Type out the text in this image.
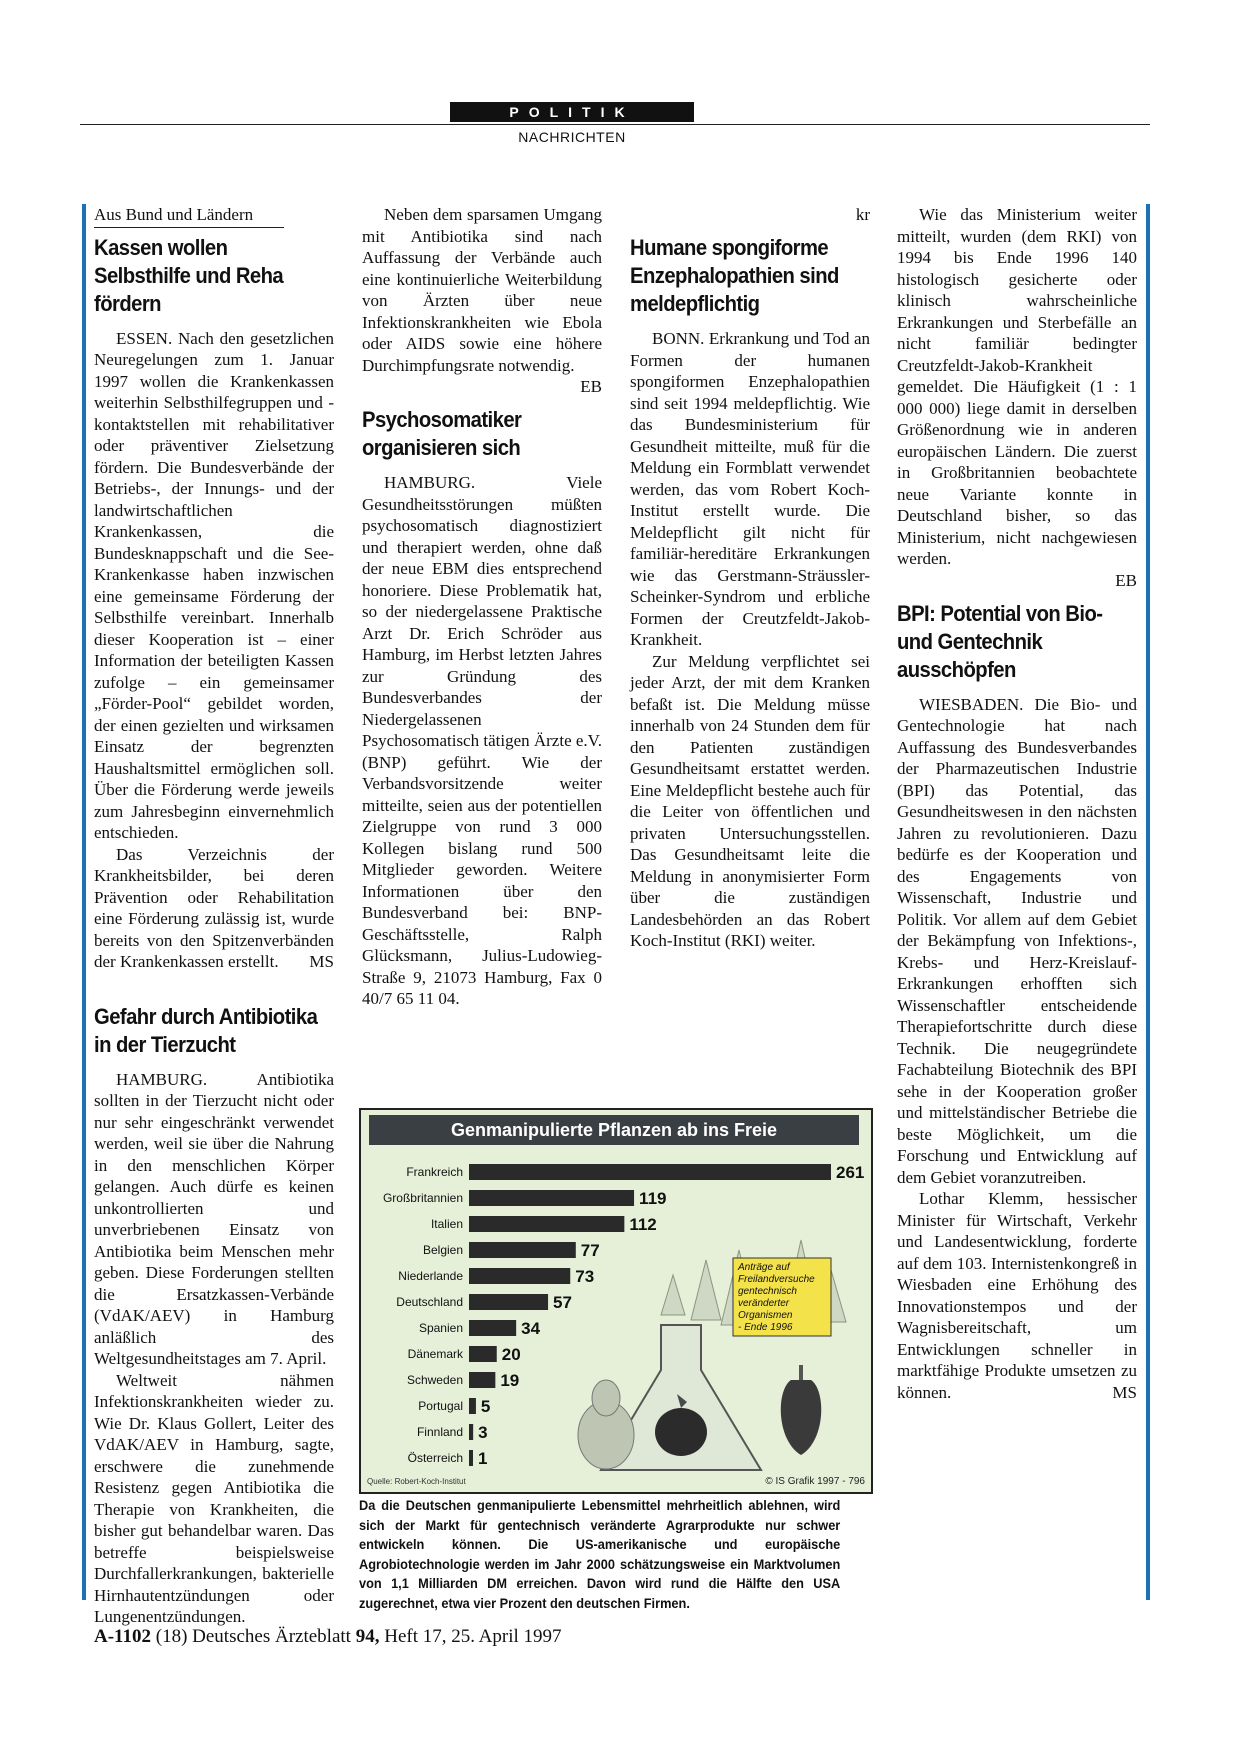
POLITIK
NACHRICHTEN
Aus Bund und Ländern
Kassen wollen Selbsthilfe und Reha fördern

ESSEN. Nach den gesetzlichen Neuregelungen zum 1. Januar 1997 wollen die Krankenkassen weiterhin Selbsthilfegruppen und -kontaktstellen mit rehabilitativer oder präventiver Zielsetzung fördern. Die Bundesverbände der Betriebs-, der Innungs- und der landwirtschaftlichen Krankenkassen, die Bundesknappschaft und die See-Krankenkasse haben inzwischen eine gemeinsame Förderung der Selbsthilfe vereinbart. Innerhalb dieser Kooperation ist – einer Information der beteiligten Kassen zufolge – ein gemeinsamer „Förder-Pool“ gebildet worden, der einen gezielten und wirksamen Einsatz der begrenzten Haushaltsmittel ermöglichen soll. Über die Förderung werde jeweils zum Jahresbeginn einvernehmlich entschieden.

Das Verzeichnis der Krankheitsbilder, bei deren Prävention oder Rehabilitation eine Förderung zulässig ist, wurde bereits von den Spitzenverbänden der Krankenkassen erstellt.	MS

Gefahr durch Antibiotika in der Tierzucht

HAMBURG. Antibiotika sollten in der Tierzucht nicht oder nur sehr eingeschränkt verwendet werden, weil sie über die Nahrung in den menschlichen Körper gelangen. Auch dürfe es keinen unkontrollierten und unverbriebenen Einsatz von Antibiotika beim Menschen mehr geben. Diese Forderungen stellten die Ersatzkassen-Verbände (VdAK/AEV) in Hamburg anläßlich des Weltgesundheitstages am 7. April.

Weltweit nähmen Infektionskrankheiten wieder zu. Wie Dr. Klaus Gollert, Leiter des VdAK/AEV in Hamburg, sagte, erschwere die zunehmende Resistenz gegen Antibiotika die Therapie von Krankheiten, die bisher gut behandelbar waren. Das betreffe beispielsweise Durchfallerkrankungen, bakterielle Hirnhautentzündungen oder Lungenentzündungen.

Neben dem sparsamen Umgang mit Antibiotika sind nach Auffassung der Verbände auch eine kontinuierliche Weiterbildung von Ärzten über neue Infektionskrankheiten wie Ebola oder AIDS sowie eine höhere Durchimpfungsrate notwendig.

EB

Psychosomatiker organisieren sich

HAMBURG. Viele Gesundheitsstörungen müßten psychosomatisch diagnostiziert und therapiert werden, ohne daß der neue EBM dies entsprechend honoriere. Diese Problematik hat, so der niedergelassene Praktische Arzt Dr. Erich Schröder aus Hamburg, im Herbst letzten Jahres zur Gründung des Bundesverbandes der Niedergelassenen Psychosomatisch tätigen Ärzte e.V. (BNP) geführt. Wie der Verbandsvorsitzende weiter mitteilte, seien aus der potentiellen Zielgruppe von rund 3 000 Kollegen bislang rund 500 Mitglieder geworden. Weitere Informationen über den Bundesverband bei: BNP-Geschäftsstelle, Ralph Glücksmann, Julius-Ludowieg-Straße 9, 21073 Hamburg, Fax 0 40/7 65 11 04.

kr

Humane spongiforme Enzephalopathien sind meldepflichtig

BONN. Erkrankung und Tod an Formen der humanen spongiformen Enzephalopathien sind seit 1994 meldepflichtig. Wie das Bundesministerium für Gesundheit mitteilte, muß für die Meldung ein Formblatt verwendet werden, das vom Robert Koch-Institut erstellt wurde. Die Meldepflicht gilt nicht für familiär-hereditäre Erkrankungen wie das Gerstmann-Sträussler-Scheinker-Syndrom und erbliche Formen der Creutzfeldt-Jakob-Krankheit.

Zur Meldung verpflichtet sei jeder Arzt, der mit dem Kranken befaßt ist. Die Meldung müsse innerhalb von 24 Stunden dem für den Patienten zuständigen Gesundheitsamt erstattet werden. Eine Meldepflicht bestehe auch für die Leiter von öffentlichen und privaten Untersuchungsstellen. Das Gesundheitsamt leite die Meldung in anonymisierter Form über die zuständigen Landesbehörden an das Robert Koch-Institut (RKI) weiter.

Wie das Ministerium weiter mitteilt, wurden (dem RKI) von 1994 bis Ende 1996 140 histologisch gesicherte oder klinisch wahrscheinliche Erkrankungen und Sterbefälle an nicht familiär bedingter Creutzfeldt-Jakob-Krankheit gemeldet. Die Häufigkeit (1 : 1 000 000) liege damit in derselben Größenordnung wie in anderen europäischen Ländern. Die zuerst in Großbritannien beobachtete neue Variante konnte in Deutschland bisher, so das Ministerium, nicht nachgewiesen werden.

EB

BPI: Potential von Bio- und Gentechnik ausschöpfen

WIESBADEN. Die Bio- und Gentechnologie hat nach Auffassung des Bundesverbandes der Pharmazeutischen Industrie (BPI) das Potential, das Gesundheitswesen in den nächsten Jahren zu revolutionieren. Dazu bedürfe es der Kooperation und des Engagements von Wissenschaft, Industrie und Politik. Vor allem auf dem Gebiet der Bekämpfung von Infektions-, Krebs- und Herz-Kreislauf-Erkrankungen erhofften sich Wissenschaftler entscheidende Therapiefortschritte durch diese Technik. Die neugegründete Fachabteilung Biotechnik des BPI sehe in der Kooperation großer und mittelständischer Betriebe die beste Möglichkeit, um die Forschung und Entwicklung auf dem Gebiet voranzutreiben.

Lothar Klemm, hessischer Minister für Wirtschaft, Verkehr und Landesentwicklung, forderte auf dem 103. Internistenkongreß in Wiesbaden eine Erhöhung des Innovationstempos und der Wagnisbereitschaft, um Entwicklungen schneller in marktfähige Produkte umsetzen zu können.	MS

Genmanipulierte Pflanzen ab ins Freie
Anträge auf
Freilandversuche
gentechnisch
veränderter
Organismen
- Ende 1996
Frankreich	261
Großbritannien	119
Italien	112
Belgien	77
Niederlande	73
Deutschland	57
Spanien	34
Dänemark 20
Schweden 19
Portugal 5
Finnland 3
Österreich 1
Quelle: Robert-Koch-Institut	© IS Grafik 1997 - 796
Da die Deutschen genmanipulierte Lebensmittel mehrheitlich ablehnen, wird sich der Markt für gentechnisch veränderte Agrarprodukte nur schwer entwickeln können. Die US-amerikanische und europäische Agrobiotechnologie werden im Jahr 2000 schätzungsweise ein Marktvolumen von 1,1 Milliarden DM erreichen. Davon wird rund die Hälfte den USA zugerechnet, etwa vier Prozent den deutschen Firmen.
A-1102 (18) Deutsches Ärzteblatt 94, Heft 17, 25. April 1997
